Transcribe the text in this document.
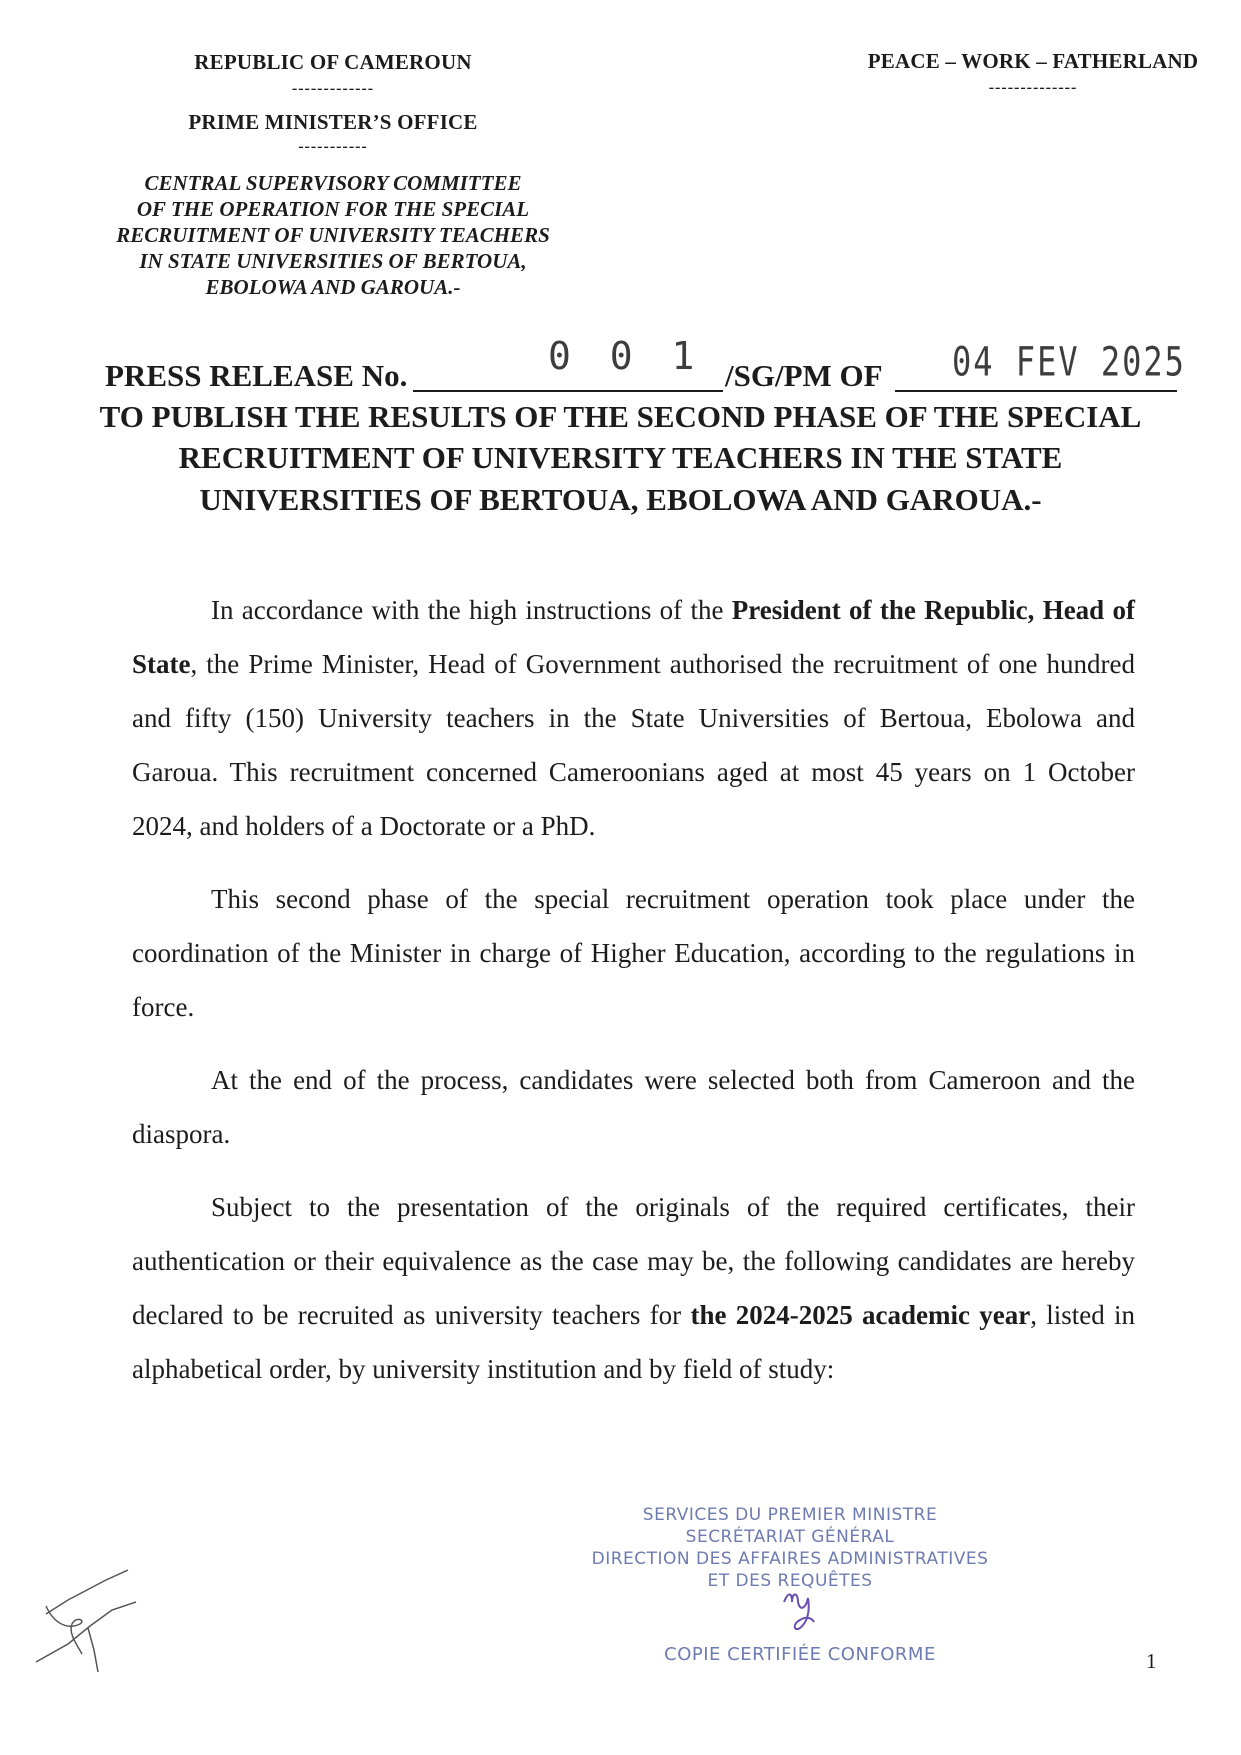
REPUBLIC OF CAMEROUN
-------------
PRIME MINISTER’S OFFICE
-----------
CENTRAL SUPERVISORY COMMITTEE
OF THE OPERATION FOR THE SPECIAL
RECRUITMENT OF UNIVERSITY TEACHERS
IN STATE UNIVERSITIES OF BERTOUA,
EBOLOWA AND GAROUA.-
PEACE – WORK – FATHERLAND
--------------
PRESS RELEASE No.	0 0 1 /SG/PM OF 04 FEV 2025
TO PUBLISH THE RESULTS OF THE SECOND PHASE OF THE SPECIAL
RECRUITMENT OF UNIVERSITY TEACHERS IN THE STATE
UNIVERSITIES OF BERTOUA, EBOLOWA AND GAROUA.-

In accordance with the high instructions of the President of the Republic, Head of State, the Prime Minister, Head of Government authorised the recruitment of one hundred and fifty (150) University teachers in the State Universities of Bertoua, Ebolowa and Garoua. This recruitment concerned Cameroonians aged at most 45 years on 1 October 2024, and holders of a Doctorate or a PhD.

This second phase of the special recruitment operation took place under the coordination of the Minister in charge of Higher Education, according to the regulations in force.

At the end of the process, candidates were selected both from Cameroon and the diaspora.

Subject to the presentation of the originals of the required certificates, their authentication or their equivalence as the case may be, the following candidates are hereby declared to be recruited as university teachers for the 2024-2025 academic year, listed in alphabetical order, by university institution and by field of study:

SERVICES DU PREMIER MINISTRE
SECRÉTARIAT GÉNÉRAL
DIRECTION DES AFFAIRES ADMINISTRATIVES
ET DES REQUÊTES
COPIE CERTIFIÉE CONFORME	1
